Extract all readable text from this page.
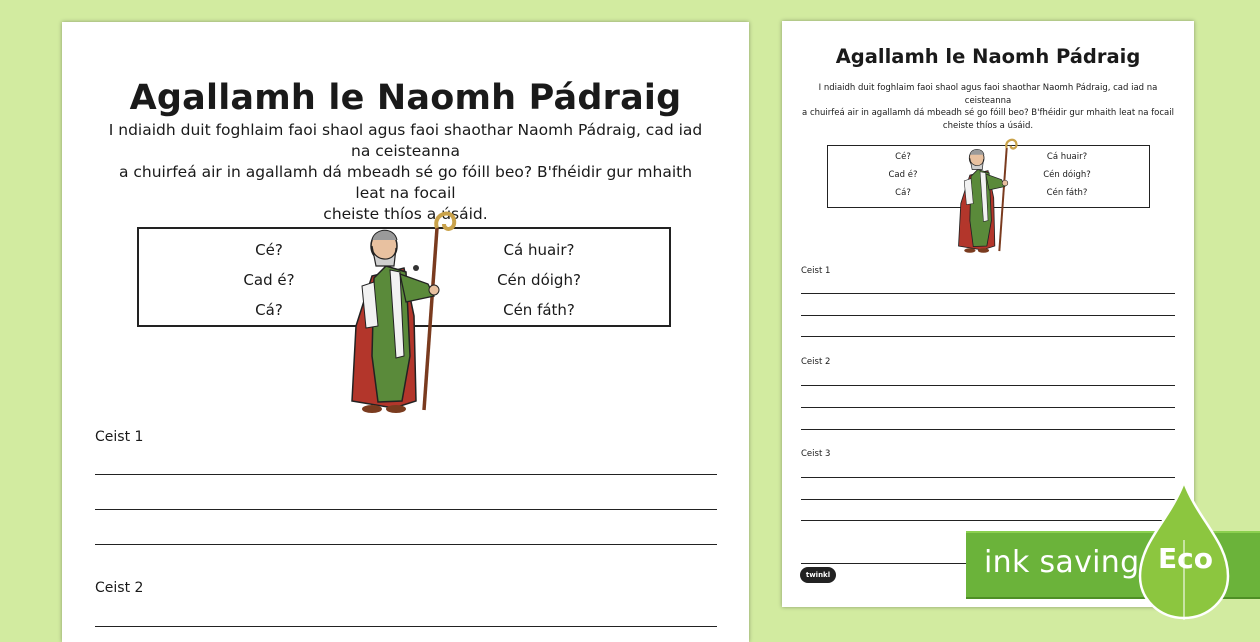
Agallamh le Naomh Pádraig
I ndiaidh duit foghlaim faoi shaol agus faoi shaothar Naomh Pádraig, cad iad na ceisteanna
a chuirfeá air in agallamh dá mbeadh sé go fóill beo? B'fhéidir gur mhaith leat na focail
cheiste thíos a úsáid.
Cé?
Cad é?
Cá?
Cá huair?
Cén dóigh?
Cén fáth?
Ceist 1
Ceist 2
Agallamh le Naomh Pádraig
I ndiaidh duit foghlaim faoi shaol agus faoi shaothar Naomh Pádraig, cad iad na ceisteanna
a chuirfeá air in agallamh dá mbeadh sé go fóill beo? B'fhéidir gur mhaith leat na focail
cheiste thíos a úsáid.
Cé?
Cad é?
Cá?
Cá huair?
Cén dóigh?
Cén fáth?
Ceist 1
Ceist 2
Ceist 3
twinkl	ink saving Eco
